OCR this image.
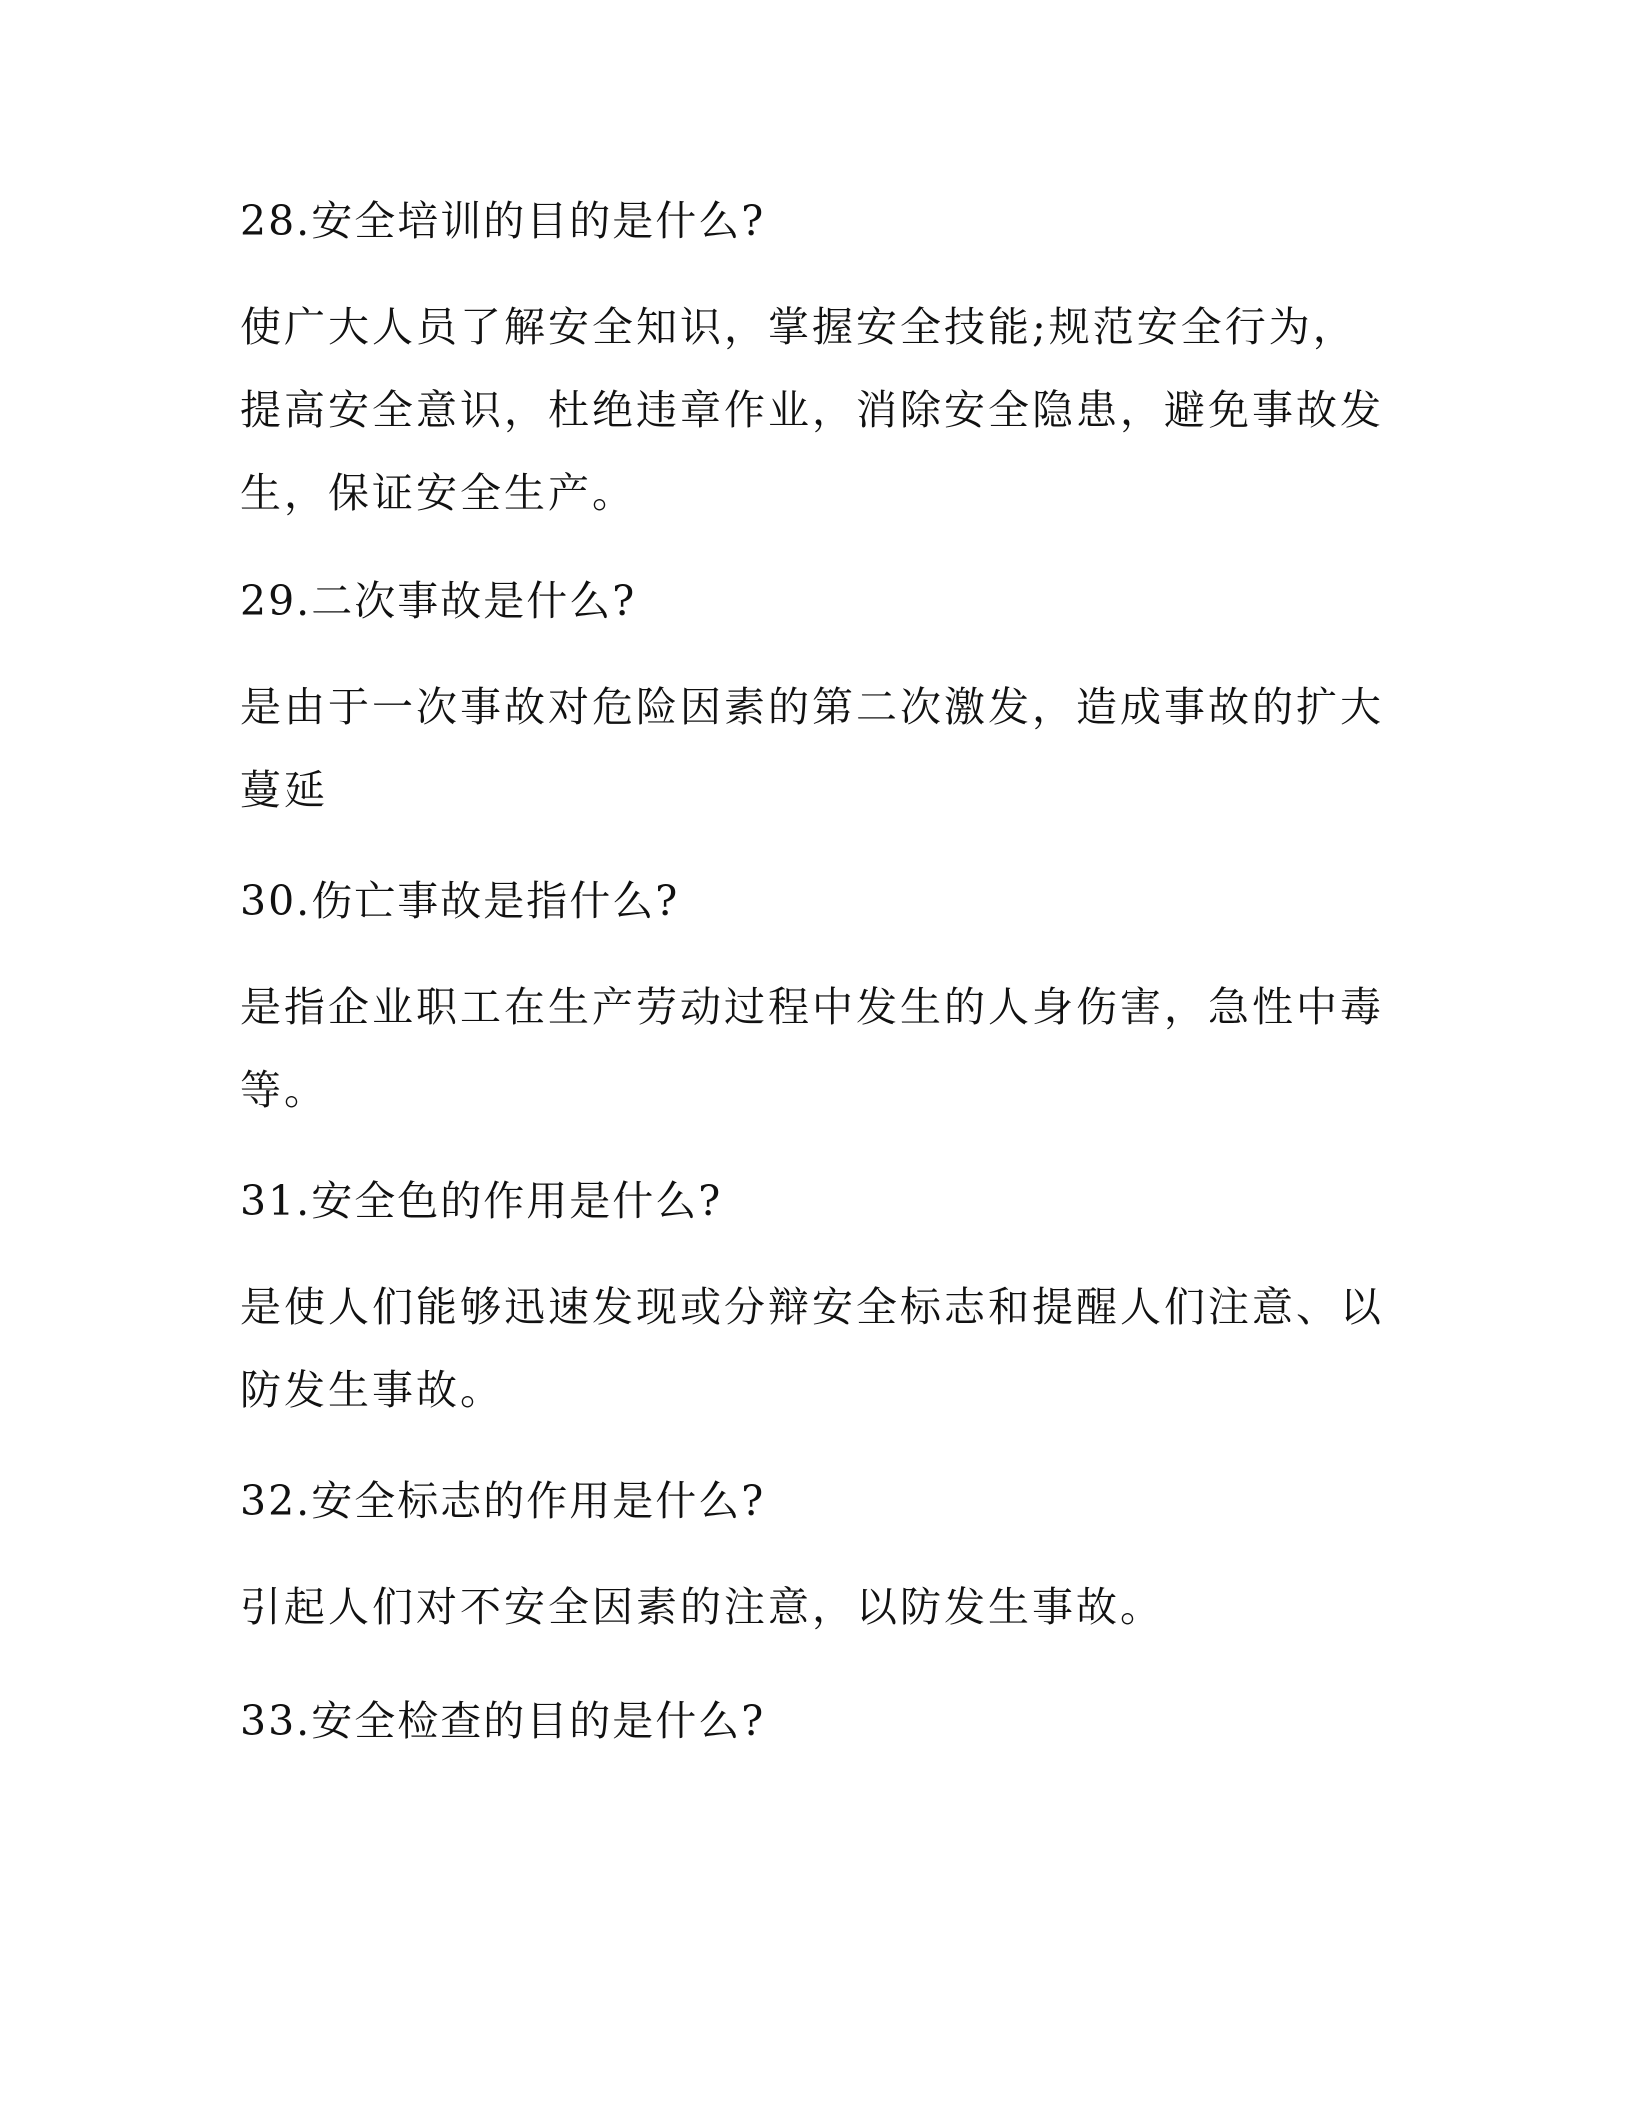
28.安全培训的目的是什么?
使广大人员了解安全知识，掌握安全技能;规范安全行为，提高安全意识，杜绝违章作业，消除安全隐患，避免事故发生，保证安全生产。
29.二次事故是什么?
是由于一次事故对危险因素的第二次激发，造成事故的扩大蔓延
30.伤亡事故是指什么?
是指企业职工在生产劳动过程中发生的人身伤害，急性中毒等。
31.安全色的作用是什么?
是使人们能够迅速发现或分辩安全标志和提醒人们注意、以防发生事故。
32.安全标志的作用是什么?
引起人们对不安全因素的注意，以防发生事故。
33.安全检查的目的是什么?
